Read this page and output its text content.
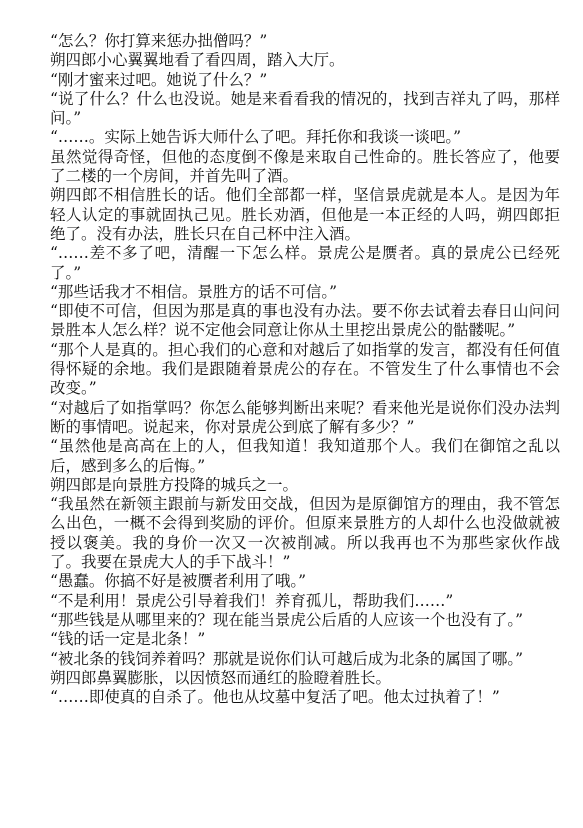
“怎么？你打算来惩办拙僧吗？”

朔四郎小心翼翼地看了看四周，踏入大厅。

“刚才蜜来过吧。她说了什么？”

“说了什么？什么也没说。她是来看看我的情况的，找到吉祥丸了吗，那样问。”

“……。实际上她告诉大师什么了吧。拜托你和我谈一谈吧。”

虽然觉得奇怪，但他的态度倒不像是来取自己性命的。胜长答应了，他要了二楼的一个房间，并首先叫了酒。

朔四郎不相信胜长的话。他们全部都一样，坚信景虎就是本人。是因为年轻人认定的事就固执己见。胜长劝酒，但他是一本正经的人吗，朔四郎拒绝了。没有办法，胜长只在自己杯中注入酒。

“……差不多了吧，清醒一下怎么样。景虎公是赝者。真的景虎公已经死了。”

“那些话我才不相信。景胜方的话不可信。”

“即使不可信，但因为那是真的事也没有办法。要不你去试着去春日山问问景胜本人怎么样？说不定他会同意让你从土里挖出景虎公的骷髅呢。”

“那个人是真的。担心我们的心意和对越后了如指掌的发言，都没有任何值得怀疑的余地。我们是跟随着景虎公的存在。不管发生了什么事情也不会改变。”

“对越后了如指掌吗？你怎么能够判断出来呢？看来他光是说你们没办法判断的事情吧。说起来，你对景虎公到底了解有多少？”

“虽然他是高高在上的人，但我知道！我知道那个人。我们在御馆之乱以后，感到多么的后悔。”

朔四郎是向景胜方投降的城兵之一。

“我虽然在新领主跟前与新发田交战，但因为是原御馆方的理由，我不管怎么出色，一概不会得到奖励的评价。但原来景胜方的人却什么也没做就被授以褒美。我的身价一次又一次被削减。所以我再也不为那些家伙作战了。我要在景虎大人的手下战斗！”

“愚蠢。你搞不好是被赝者利用了哦。”

“不是利用！景虎公引导着我们！养育孤儿，帮助我们……”

“那些钱是从哪里来的？现在能当景虎公后盾的人应该一个也没有了。”

“钱的话一定是北条！”

“被北条的钱饲养着吗？那就是说你们认可越后成为北条的属国了哪。”

朔四郎鼻翼膨胀，以因愤怒而通红的脸瞪着胜长。

“……即使真的自杀了。他也从坟墓中复活了吧。他太过执着了！”
